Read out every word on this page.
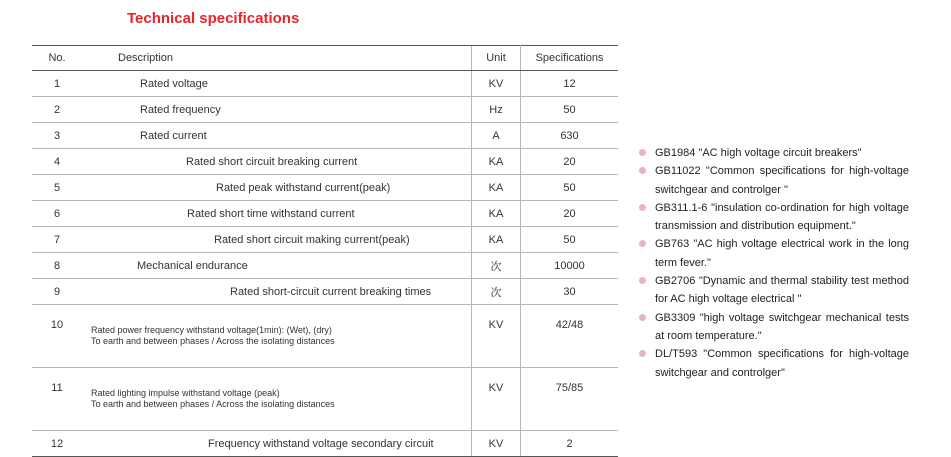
Technical specifications
No.	Description	Unit	Specifications
1	Rated voltage	KV	12
2	Rated frequency	Hz	50
3	Rated current	A	630
4	Rated short circuit breaking current	KA	20
5	Rated peak withstand current(peak)	KA	50
6	Rated short time withstand current	KA	20
7	Rated short circuit making current(peak)	KA	50
8	Mechanical endurance	次	10000
9	Rated short-circuit current breaking times	次	30
10	Rated power frequency withstand voltage(1min): (Wet), (dry)
To earth and between phases / Across the isolating distances	KV	42/48
11	Rated lighting impulse withstand voltage (peak)
To earth and between phases / Across the isolating distances	KV	75/85
12	Frequency withstand voltage secondary circuit	KV	2
GB1984 "AC high voltage circuit breakers"
GB11022 "Common specifications for high-voltage switchgear and controlger "
GB311.1-6 "insulation co-ordination for high voltage transmission and distribution equipment."
GB763 "AC high voltage electrical work in the long term fever."
GB2706 "Dynamic and thermal stability test method for AC high voltage electrical "
GB3309 "high voltage switchgear mechanical tests at room temperature."
DL/T593 "Common specifications for high-voltage switchgear and controlger"
